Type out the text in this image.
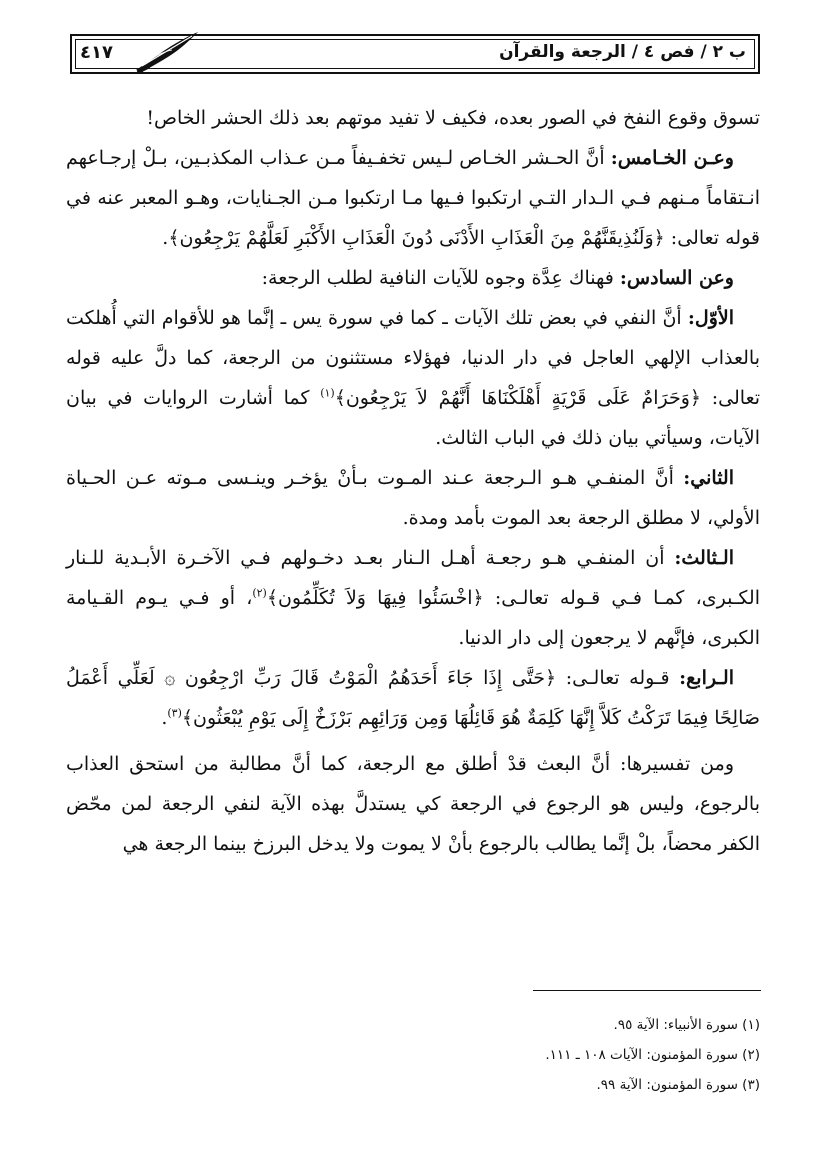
٤١٧	ب ٢ / فص ٤ / الرجعة والقرآن

تسوق وقوع النفخ في الصور بعده، فكيف لا تفيد موتهم بعد ذلك الحشر الخاص!

وعـن الخـامس: أنَّ الحـشر الخـاص لـيس تخفـيفاً مـن عـذاب المكذبـين، بـلْ إرجـاعهم انـتقاماً مـنهم فـي الـدار التـي ارتكبوا فـيها مـا ارتكبوا مـن الجـنايات، وهـو المعبر عنه في قوله تعالى: ﴿وَلَنُذِيقَنَّهُمْ مِنَ الْعَذَابِ الأَدْنَى دُونَ الْعَذَابِ الأَكْبَرِ لَعَلَّهُمْ يَرْجِعُون﴾.

وعن السادس: فهناك عِدَّة وجوه للآيات النافية لطلب الرجعة:

الأوّل: أنَّ النفي في بعض تلك الآيات ـ كما في سورة يس ـ إنَّما هو للأقوام التي أُهلكت بالعذاب الإلهي العاجل في دار الدنيا، فهؤلاء مستثنون من الرجعة، كما دلَّ عليه قوله تعالى: ﴿وَحَرَامٌ عَلَى قَرْيَةٍ أَهْلَكْنَاهَا أَنَّهُمْ لاَ يَرْجِعُون﴾$^{(١)}$ كما أشارت الروايات في بيان الآيات، وسيأتي بيان ذلك في الباب الثالث.

الثاني: أنَّ المنفـي هـو الـرجعة عـند المـوت بـأنْ يؤخـر وينـسى مـوته عـن الحـياة الأولي، لا مطلق الرجعة بعد الموت بأمد ومدة.

الـثالث: أن المنفـي هـو رجعـة أهـل الـنار بعـد دخـولهم فـي الآخـرة الأبـدية للـنار الكـبرى، كمـا فـي قـوله تعالـى: ﴿اخْسَئُوا فِيهَا وَلاَ تُكَلِّمُون﴾$^{(٢)}$، أو فـي يـوم القـيامة الكبرى، فإنَّهم لا يرجعون إلى دار الدنيا.

الـرابع: قـوله تعالـى: ﴿حَتَّى إِذَا جَاءَ أَحَدَهُمُ الْمَوْتُ قَالَ رَبِّ ارْجِعُون ۞ لَعَلِّي أَعْمَلُ صَالِحًا فِيمَا تَرَكْتُ كَلاَّ إِنَّهَا كَلِمَةٌ هُوَ قَائِلُهَا وَمِن وَرَائِهِم بَرْزَخٌ إِلَى يَوْمِ يُبْعَثُون﴾$^{(٣)}$.

ومن تفسيرها: أنَّ البعث قدْ أطلق مع الرجعة، كما أنَّ مطالبة من استحق العذاب بالرجوع، وليس هو الرجوع في الرجعة كي يستدلَّ بهذه الآية لنفي الرجعة لمن محّض الكفر محضاً، بلْ إنَّما يطالب بالرجوع بأنْ لا يموت ولا يدخل البرزخ بينما الرجعة هي

(١) سورة الأنبياء: الآية ٩٥.

(٢) سورة المؤمنون: الآيات ١٠٨ ـ ١١١.

(٣) سورة المؤمنون: الآية ٩٩.
